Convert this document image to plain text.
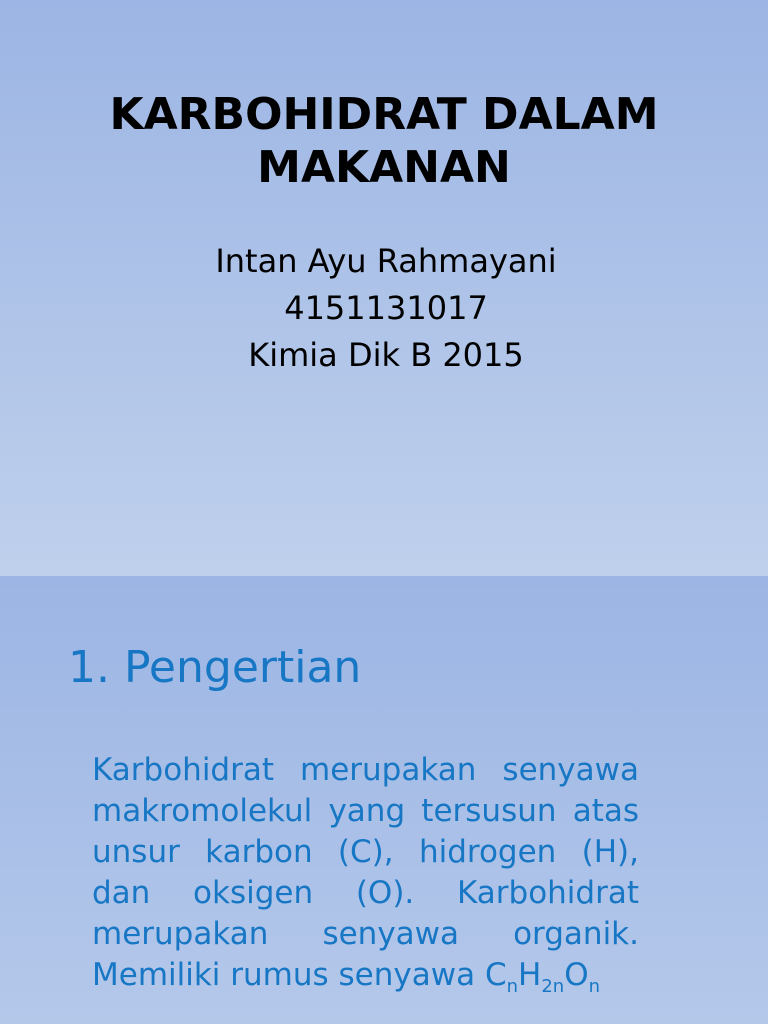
KARBOHIDRAT DALAM
MAKANAN
Intan Ayu Rahmayani
4151131017
Kimia Dik B 2015
1. Pengertian

Karbohidrat merupakan senyawa makromolekul yang tersusun atas unsur karbon (C), hidrogen (H), dan oksigen (O). Karbohidrat merupakan senyawa organik. Memiliki rumus senyawa $C_nH_{2n}O_n$
